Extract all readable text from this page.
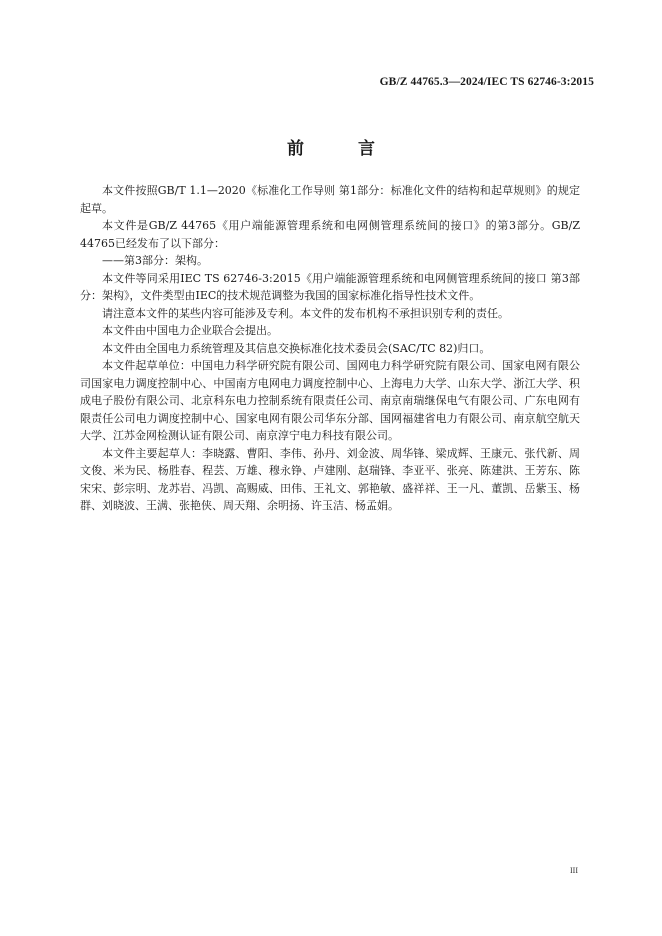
GB/Z 44765.3—2024/IEC TS 62746-3:2015
前 言

本文件按照GB/T 1.1—2020《标准化工作导则 第1部分：标准化文件的结构和起草规则》的规定起草。

本文件是GB/Z 44765《用户端能源管理系统和电网侧管理系统间的接口》的第3部分。GB/Z 44765已经发布了以下部分：

——第3部分：架构。

本文件等同采用IEC TS 62746-3:2015《用户端能源管理系统和电网侧管理系统间的接口 第3部分：架构》，文件类型由IEC的技术规范调整为我国的国家标准化指导性技术文件。

请注意本文件的某些内容可能涉及专利。本文件的发布机构不承担识别专利的责任。

本文件由中国电力企业联合会提出。

本文件由全国电力系统管理及其信息交换标准化技术委员会(SAC/TC 82)归口。

本文件起草单位：中国电力科学研究院有限公司、国网电力科学研究院有限公司、国家电网有限公司国家电力调度控制中心、中国南方电网电力调度控制中心、上海电力大学、山东大学、浙江大学、积成电子股份有限公司、北京科东电力控制系统有限责任公司、南京南瑞继保电气有限公司、广东电网有限责任公司电力调度控制中心、国家电网有限公司华东分部、国网福建省电力有限公司、南京航空航天大学、江苏金网检测认证有限公司、南京淳宁电力科技有限公司。

本文件主要起草人：李晓露、曹阳、李伟、孙丹、刘金波、周华锋、梁成辉、王康元、张代新、周文俊、米为民、杨胜春、程芸、万雄、穆永铮、卢建刚、赵瑞锋、李亚平、张亮、陈建洪、王芳东、陈宋宋、彭宗明、龙苏岩、冯凯、高赐威、田伟、王礼文、郭艳敏、盛祥祥、王一凡、董凯、岳紫玉、杨群、刘晓波、王满、张艳侠、周天翔、余明扬、许玉洁、杨孟娟。

III
